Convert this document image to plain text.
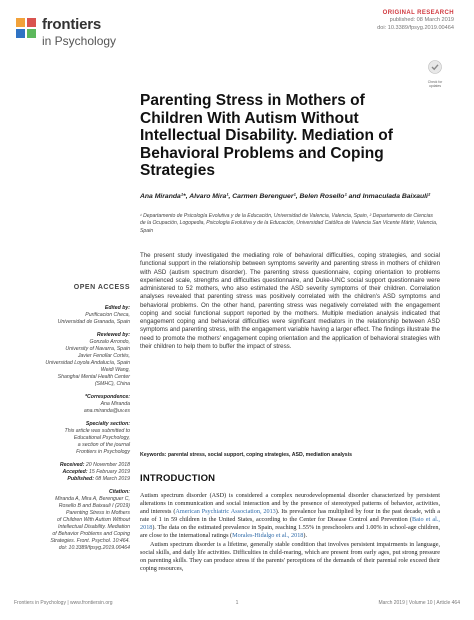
frontiers
in Psychology
ORIGINAL RESEARCH
published: 08 March 2019
doi: 10.3389/fpsyg.2019.00464
Check for updates
Parenting Stress in Mothers of Children With Autism Without Intellectual Disability. Mediation of Behavioral Problems and Coping Strategies
Ana Miranda¹*, Alvaro Mira¹, Carmen Berenguer¹, Belen Rosello¹ and Inmaculada Baixauli²
¹ Departamento de Psicología Evolutiva y de la Educación, Universidad de Valencia, Valencia, Spain, ² Departamento de Ciencias de la Ocupación, Logopedia, Psicología Evolutiva y de la Educación, Universidad Católica de Valencia San Vicente Mártir, Valencia, Spain
The present study investigated the mediating role of behavioral difficulties, coping strategies, and social functional support in the relationship between symptoms severity and parenting stress in mothers of children with ASD (autism spectrum disorder). The parenting stress questionnaire, coping orientation to problems experienced scale, strengths and difficulties questionnaire, and Duke-UNC social support questionnaire were administered to 52 mothers, who also estimated the ASD severity symptoms of their children. Correlation analyses revealed that parenting stress was positively correlated with the children's ASD symptoms and behavioral problems. On the other hand, parenting stress was negatively correlated with the engagement coping and social functional support reported by the mothers. Multiple mediation analysis indicated that engagement coping and behavioral difficulties were significant mediators in the relationship between ASD symptoms and parenting stress, with the engagement variable having a larger effect. The findings illustrate the need to promote the mothers' engagement coping orientation and the application of behavioral strategies with their children to help them to buffer the impact of stress.
Keywords: parental stress, social support, coping strategies, ASD, mediation analysis
INTRODUCTION

Autism spectrum disorder (ASD) is considered a complex neurodevelopmental disorder characterized by persistent alterations in communication and social interaction and by the presence of stereotyped patterns of behavior, activities, and interests (American Psychiatric Association, 2013). Its prevalence has multiplied by four in the past decade, with a rate of 1 in 59 children in the United States, according to the Center for Disease Control and Prevention (Baio et al., 2018). The data on the estimated prevalence in Spain, reaching 1.55% in preschoolers and 1.00% in school-age children, are close to the international ratings (Morales-Hidalgo et al., 2018).

Autism spectrum disorder is a lifetime, generally stable condition that involves persistent impairments in language, social skills, and daily life activities. Difficulties in child-rearing, which are present from early ages, put strong pressure on parenting skills. They can produce stress if the parents' perceptions of the demands of their parental role exceed their coping resources,

OPEN ACCESS
Edited by:
Purificacion Checa,
Universidad de Granada, Spain
Reviewed by:
Gonzalo Arrondo,
University of Navarra, Spain
Javier Fenollar Cortés,
Universidad Loyola Andalucía, Spain
Weidi Wang,
Shanghai Mental Health Center
(SMHC), China
*Correspondence:
Ana Miranda
ana.miranda@uv.es
Specialty section:
This article was submitted to
Educational Psychology,
a section of the journal
Frontiers in Psychology
Received: 20 November 2018
Accepted: 15 February 2019
Published: 08 March 2019
Citation:
Miranda A, Mira A, Berenguer C,
Rosello B and Baixauli I (2019)
Parenting Stress in Mothers
of Children With Autism Without
Intellectual Disability. Mediation
of Behavior Problems and Coping
Strategies. Front. Psychol. 10:464.
doi: 10.3389/fpsyg.2019.00464
Frontiers in Psychology | www.frontiersin.org	1	March 2019 | Volume 10 | Article 464
